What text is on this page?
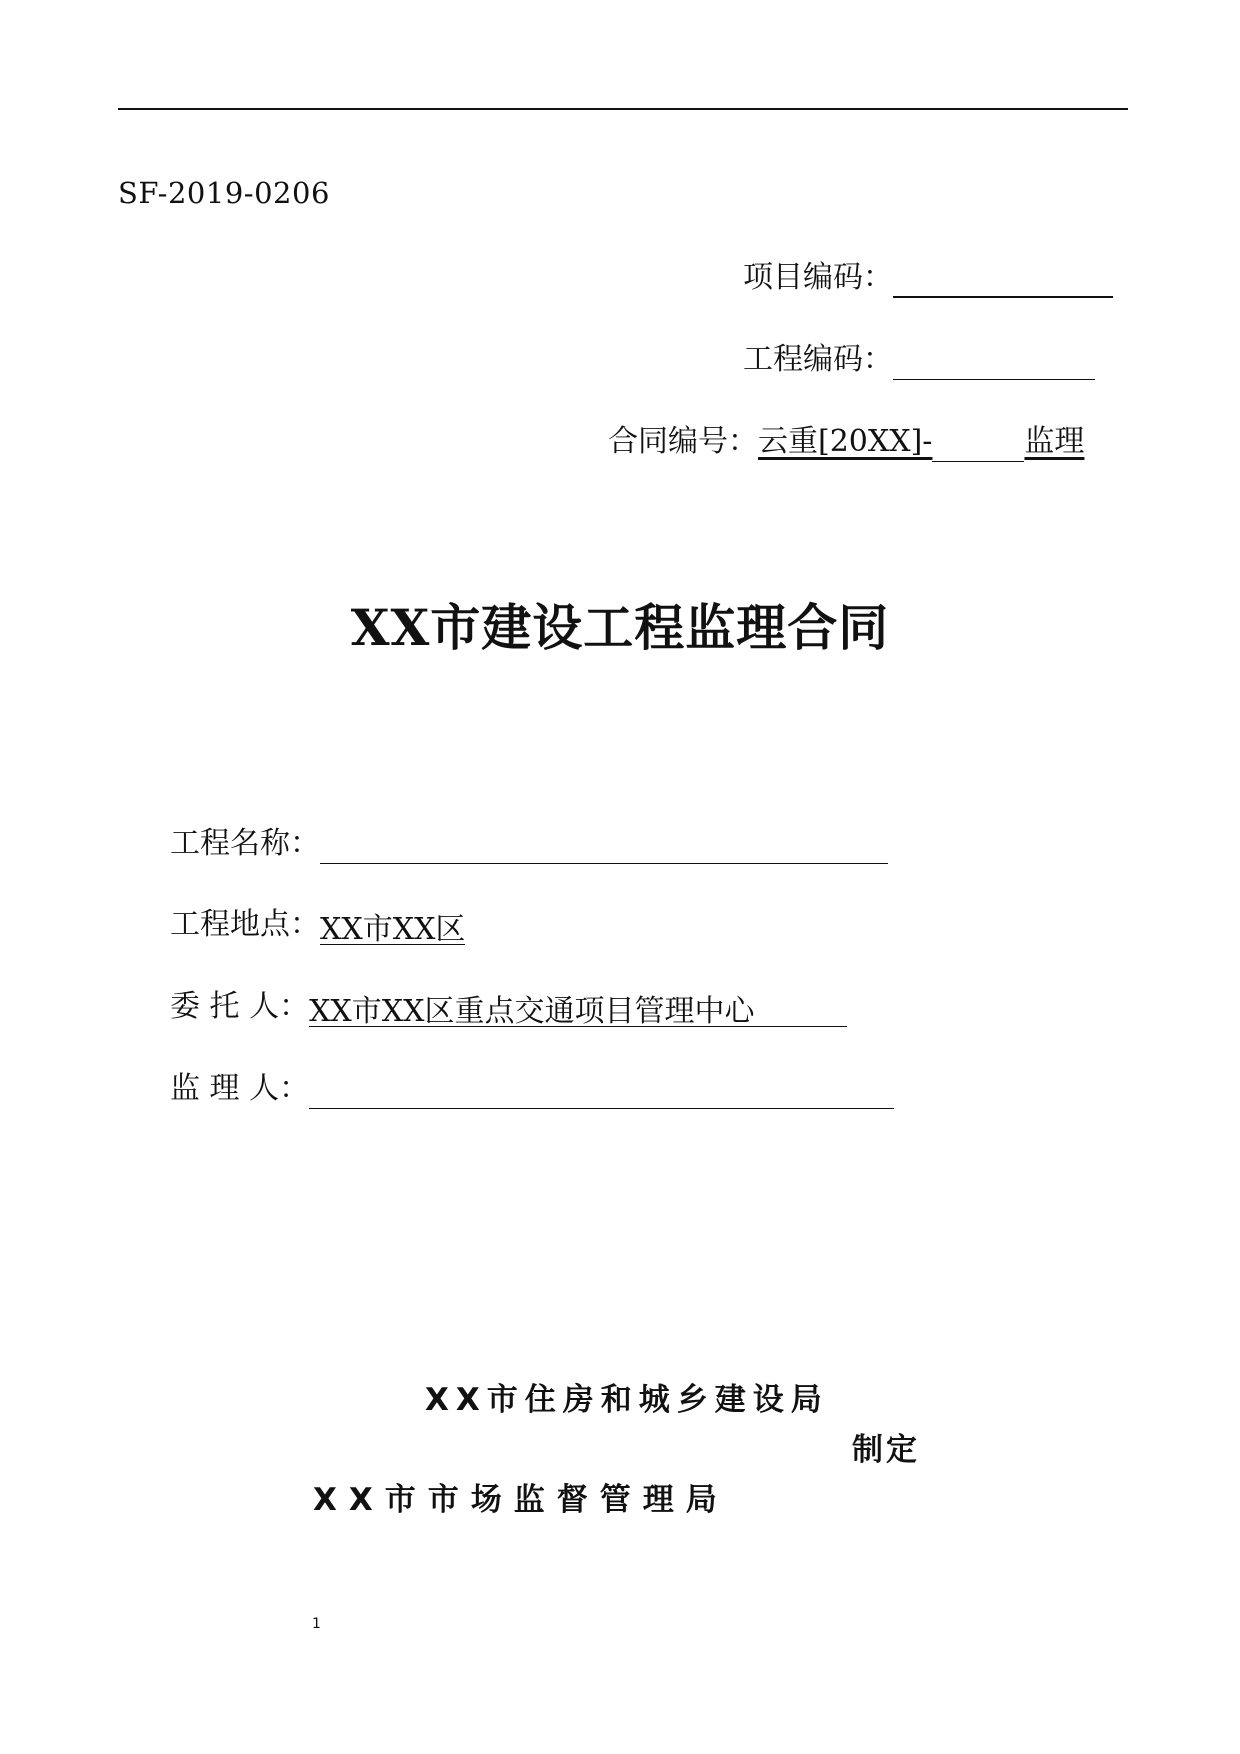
SF-2019-0206
项目编码：
工程编码：
合同编号：云重[20XX]-	监理
XX市建设工程监理合同
工程名称：
工程地点：XX市XX区
委 托 人：XX市XX区重点交通项目管理中心
监 理 人：
XX市住房和城乡建设局
制定
XX市市场监督管理局
1
